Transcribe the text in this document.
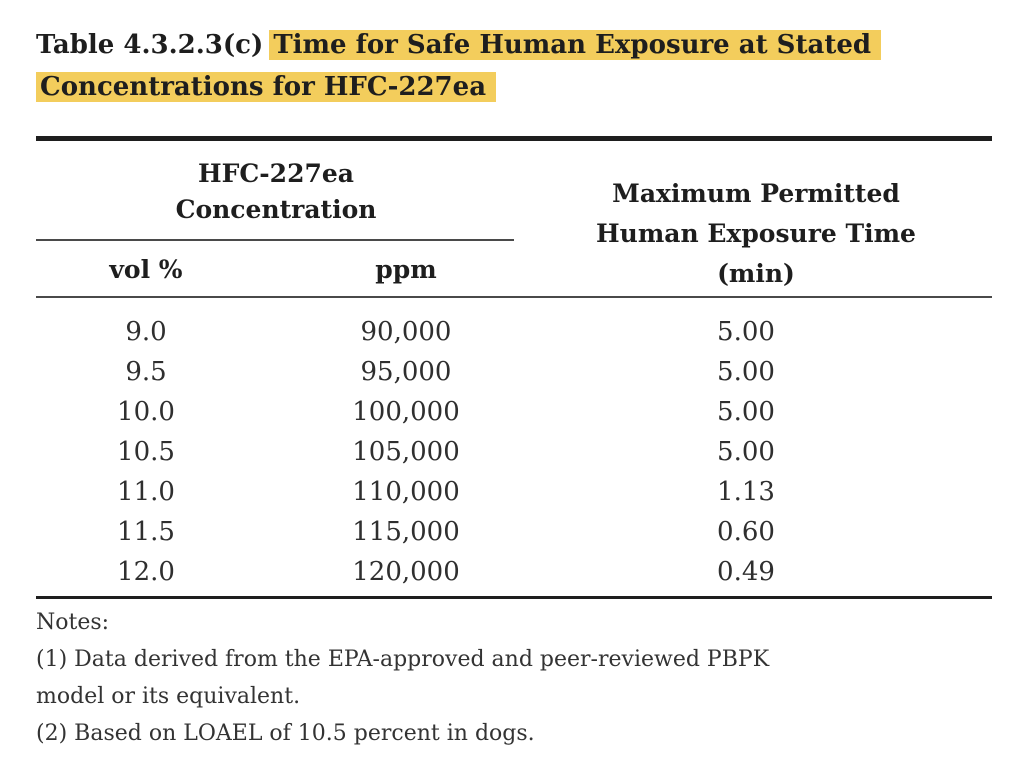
Table 4.3.2.3(c) Time for Safe Human Exposure at Stated
Concentrations for HFC-227ea
HFC-227ea
Concentration
vol %	ppm
Maximum Permitted
Human Exposure Time
(min)
9.0	90,000	5.00
9.5	95,000	5.00
10.0	100,000	5.00
10.5	105,000	5.00
11.0	110,000	1.13
11.5	115,000	0.60
12.0	120,000	0.49

Notes:

(1) Data derived from the EPA-approved and peer-reviewed PBPK

model or its equivalent.

(2) Based on LOAEL of 10.5 percent in dogs.
